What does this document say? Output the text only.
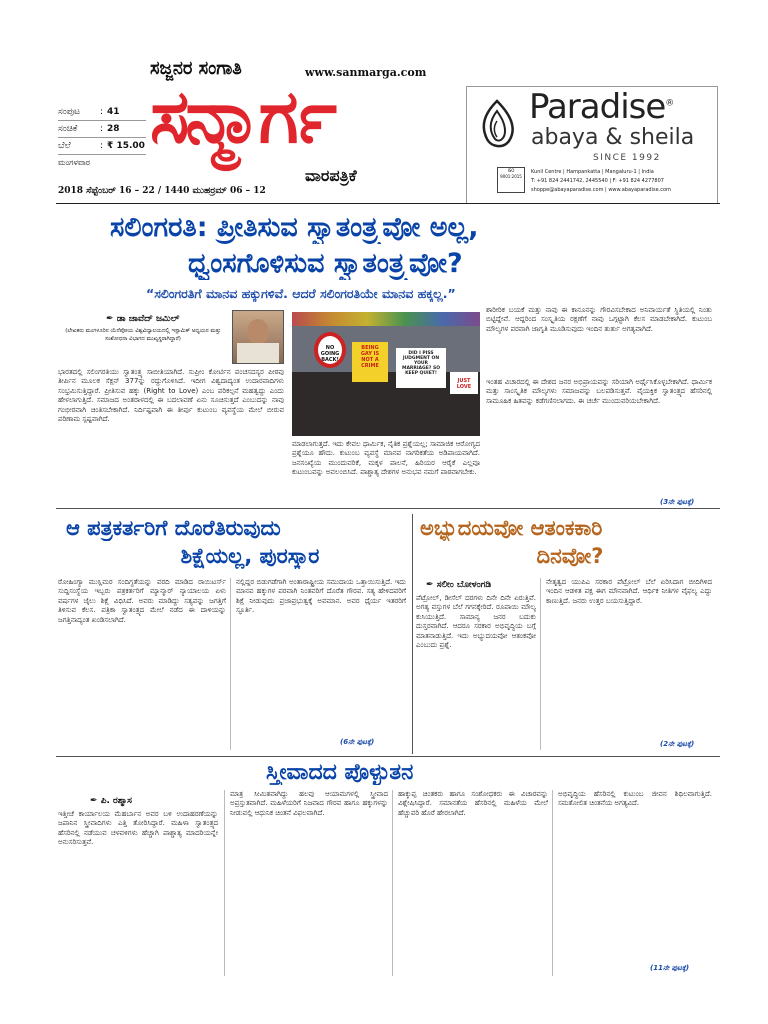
ಸಜ್ಜನರ ಸಂಗಾತಿ	www.sanmarga.com
ಸಂಪುಟ	: 41
ಸಂಚಿಕೆ	: 28
ಬೆಲೆ	: ₹ 15.00
ಮಂಗಳವಾರ
ಸನ್ಮಾರ್ಗ
ವಾರಪತ್ರಿಕೆ
2018 ಸೆಪ್ಟೆಂಬರ್ 16 – 22 / 1440 ಮುಹರ್ರಮ್ 06 – 12
Paradise®
abaya & sheila
SINCE 1992
ISO 9001:2015
Kunil Centre | Hampankatta | Mangaluru-1 | India
T: +91 824 2441742, 2445540 | F: +91 824 4277807
shoppe@abayaparadise.com | www.abayaparadise.com
ಸಲಿಂಗರತಿ: ಪ್ರೀತಿಸುವ ಸ್ವಾತಂತ್ರ್ಯವೋ ಅಲ್ಲ,
ಧ್ವಂಸಗೊಳಿಸುವ ಸ್ವಾತಂತ್ರ್ಯವೋ?
“ಸಲಿಂಗರತಿಗೆ ಮಾನವ ಹಕ್ಕುಗಳಿವೆ. ಆದರೆ ಸಲಿಂಗರತಿಯೇ ಮಾನವ ಹಕ್ಕಲ್ಲ.”
✒ ಡಾ ಜಾವೆದ್ ಜಮಿಲ್
(ಲೇಖಕರು ಮಂಗಳೂರಿನ ಯೆನೆಪೋಯ ವಿಶ್ವವಿದ್ಯಾಲಯದಲ್ಲಿ ಇಸ್ಲಾಮಿಕ್ ಅಧ್ಯಯನ ಮತ್ತು ಸಂಶೋಧನಾ ವಿಭಾಗದ ಮುಖ್ಯಸ್ಥರಾಗಿದ್ದಾರೆ)
ಭಾರತದಲ್ಲಿ ಸಲಿಂಗರತಿಯು ಸ್ವಾತಂತ್ರ್ಯ ಸಾಬೀತಿಯಾಗಿದೆ. ಸುಪ್ರೀಂ ಕೋರ್ಟಿನ ಪಂಚಸದಸ್ಯರ ಪೀಠವು ತೀರ್ಪಿನ ಮೂಲಕ ಸೆಕ್ಷನ್ 377ನ್ನು ರದ್ದುಗೊಳಿಸಿದೆ. ಇದೀಗ ವಿಶ್ವದಾದ್ಯಂತ ಉದಾರವಾದಿಗಳು ಸಂಭ್ರಮಿಸುತ್ತಿದ್ದಾರೆ. ಪ್ರೀತಿಸುವ ಹಕ್ಕು (Right to Love) ಎಂಬ ಪರಿಕಲ್ಪನೆ ಮಹತ್ವದ್ದು ಎಂದು ಹೇಳಲಾಗುತ್ತಿದೆ. ಸಮಾಜದ ಅಂತರಾಳದಲ್ಲಿ ಈ ಬದಲಾವಣೆ ಏನು ಸೂಚಿಸುತ್ತದೆ ಎಂಬುದನ್ನು ನಾವು ಗಂಭೀರವಾಗಿ ಚಿಂತಿಸಬೇಕಾಗಿದೆ. ನಿರ್ದಿಷ್ಟವಾಗಿ ಈ ತೀರ್ಪು ಕುಟುಂಬ ವ್ಯವಸ್ಥೆಯ ಮೇಲೆ ಬೀರುವ ಪರಿಣಾಮ ಸ್ಪಷ್ಟವಾಗಿದೆ.
NO GOING BACK!
BEING GAY IS NOT A CRIME
DID I PISS JUDGMENT ON YOUR MARRIAGE? SO KEEP QUIET!
JUST LOVE
ಮಾಡಲಾಗುತ್ತದೆ. ಇದು ಕೇವಲ ಧಾರ್ಮಿಕ, ನೈತಿಕ ಪ್ರಶ್ನೆಯಲ್ಲ; ಸಾಮಾಜಿಕ ಆರೋಗ್ಯದ ಪ್ರಶ್ನೆಯೂ ಹೌದು. ಕುಟುಂಬ ವ್ಯವಸ್ಥೆ ಮಾನವ ನಾಗರಿಕತೆಯ ಅಡಿಪಾಯವಾಗಿದೆ. ಜನಸಂಖ್ಯೆಯ ಮುಂದುವರಿಕೆ, ಮಕ್ಕಳ ಪಾಲನೆ, ಹಿರಿಯರ ಆರೈಕೆ ಎಲ್ಲವೂ ಕುಟುಂಬವನ್ನು ಅವಲಂಬಿಸಿದೆ. ಪಾಶ್ಚಾತ್ಯ ದೇಶಗಳ ಅನುಭವ ನಮಗೆ ಪಾಠವಾಗಬೇಕು.
ಶಾರೀರಿಕ ಬಯಕೆ ಮತ್ತು ನಾವು ಈ ಕಾನೂನನ್ನು ಗೌರವಿಸಬೇಕಾದ ಅನಿವಾರ್ಯತೆ ಸ್ಥಿತಿಯಲ್ಲಿ ನಿಂತು ಬಿಟ್ಟಿದ್ದೇವೆ. ಆದ್ದರಿಂದ ಸಂಸ್ಕೃತಿಯ ರಕ್ಷಣೆಗೆ ನಾವು ಒಗ್ಗಟ್ಟಾಗಿ ಕೆಲಸ ಮಾಡಬೇಕಾಗಿದೆ. ಕುಟುಂಬ ಮೌಲ್ಯಗಳ ಪರವಾಗಿ ಜಾಗೃತಿ ಮೂಡಿಸುವುದು ಇಂದಿನ ತುರ್ತು ಅಗತ್ಯವಾಗಿದೆ.
ಇಂತಹ ವಿಚಾರದಲ್ಲಿ ಈ ದೇಶದ ಜನರ ಅಭಿಪ್ರಾಯವನ್ನು ಸರಿಯಾಗಿ ಅರ್ಥೈಸಿಕೊಳ್ಳಬೇಕಾಗಿದೆ. ಧಾರ್ಮಿಕ ಮತ್ತು ಸಾಂಸ್ಕೃತಿಕ ಮೌಲ್ಯಗಳು ಸಮಾಜವನ್ನು ಬಲಪಡಿಸುತ್ತವೆ. ವೈಯಕ್ತಿಕ ಸ್ವಾತಂತ್ರ್ಯದ ಹೆಸರಿನಲ್ಲಿ ಸಾಮೂಹಿಕ ಹಿತವನ್ನು ಕಡೆಗಣಿಸಲಾಗದು. ಈ ಚರ್ಚೆ ಮುಂದುವರಿಯಬೇಕಾಗಿದೆ.
(3ನೇ ಪುಟಕ್ಕೆ)
ಆ ಪತ್ರಕರ್ತರಿಗೆ ದೊರೆತಿರುವುದು
ಶಿಕ್ಷೆಯಲ್ಲ, ಪುರಸ್ಕಾರ
ರೋಹಿಂಗ್ಯಾ ಮುಸ್ಲಿಮರ ಸಂದಿಗ್ಧತೆಯನ್ನು ವರದಿ ಮಾಡಿದ ರಾಯಿಟರ್ಸ್ ಸುದ್ದಿಸಂಸ್ಥೆಯ ಇಬ್ಬರು ಪತ್ರಕರ್ತರಿಗೆ ಮ್ಯಾನ್ಮಾರ್ ನ್ಯಾಯಾಲಯ ಏಳು ವರ್ಷಗಳ ಜೈಲು ಶಿಕ್ಷೆ ವಿಧಿಸಿದೆ. ಅವರು ಮಾಡಿದ್ದು ಸತ್ಯವನ್ನು ಜಗತ್ತಿಗೆ ತಿಳಿಸುವ ಕೆಲಸ. ಪತ್ರಿಕಾ ಸ್ವಾತಂತ್ರ್ಯದ ಮೇಲೆ ನಡೆದ ಈ ದಾಳಿಯನ್ನು ಜಗತ್ತಿನಾದ್ಯಂತ ಖಂಡಿಸಲಾಗಿದೆ.
ನಲ್ಲಿದ್ದರ ಬಿಡುಗಡೆಗಾಗಿ ಅಂತಾರಾಷ್ಟ್ರೀಯ ಸಮುದಾಯ ಒತ್ತಾಯಿಸುತ್ತಿದೆ. ಇದು ಮಾನವ ಹಕ್ಕುಗಳ ಪರವಾಗಿ ನಿಂತವರಿಗೆ ದೊರೆತ ಗೌರವ. ಸತ್ಯ ಹೇಳಿದವರಿಗೆ ಶಿಕ್ಷೆ ನೀಡುವುದು ಪ್ರಜಾಪ್ರಭುತ್ವಕ್ಕೆ ಅವಮಾನ. ಅವರ ಧೈರ್ಯ ಇತರರಿಗೆ ಸ್ಫೂರ್ತಿ.
(6ನೇ ಪುಟಕ್ಕೆ)
ಅಭ್ಯುದಯವೋ ಆತಂಕಕಾರಿ
ದಿನವೋ?
✒ ಸಲೀಂ ಬೋಳಂಗಡಿ
ಪೆಟ್ರೋಲ್, ಡೀಸೆಲ್ ದರಗಳು ದಿನೇ ದಿನೇ ಏರುತ್ತಿವೆ. ಅಗತ್ಯ ವಸ್ತುಗಳ ಬೆಲೆ ಗಗನಕ್ಕೇರಿದೆ. ರೂಪಾಯಿ ಮೌಲ್ಯ ಕುಸಿಯುತ್ತಿದೆ. ಸಾಮಾನ್ಯ ಜನರ ಬದುಕು ದುಸ್ತರವಾಗಿದೆ. ಆದರೂ ಸರಕಾರ ಅಭಿವೃದ್ಧಿಯ ಬಗ್ಗೆ ಮಾತನಾಡುತ್ತಿದೆ. ಇದು ಅಭ್ಯುದಯವೋ ಆತಂಕವೋ ಎಂಬುದು ಪ್ರಶ್ನೆ.
ನೇತೃತ್ವದ ಯುಪಿಎ ಸರಕಾರ ಪೆಟ್ರೋಲ್ ಬೆಲೆ ಏರಿಸಿದಾಗ ಬೀದಿಗಿಳಿದ ಇಂದಿನ ಆಡಳಿತ ಪಕ್ಷ ಈಗ ಮೌನವಾಗಿದೆ. ಆರ್ಥಿಕ ನೀತಿಗಳ ವೈಫಲ್ಯ ಎದ್ದು ಕಾಣುತ್ತಿದೆ. ಜನರು ಉತ್ತರ ಬಯಸುತ್ತಿದ್ದಾರೆ.
(2ನೇ ಪುಟಕ್ಕೆ)
ಸ್ತ್ರೀವಾದದ ಪೊಳ್ಳುತನ
✒ ಪಿ. ರಶ್ಮಾಸ
ಇತ್ತೀಚೆ ಕಾರ್ಯಾಲಯ ಮೆಹರ್ಬಾನ ಅವರ ಬಳಿ ಉದಾಹರಣೆಯನ್ನು ಜಪಾನಿನ ಸ್ತ್ರೀವಾದಿಗಳು ಎತ್ತಿ ತೋರಿಸಿದ್ದಾರೆ. ಮಹಿಳಾ ಸ್ವಾತಂತ್ರ್ಯದ ಹೆಸರಿನಲ್ಲಿ ನಡೆಯುವ ಚಳವಳಿಗಳು ಹೆಚ್ಚಾಗಿ ಪಾಶ್ಚಾತ್ಯ ಮಾದರಿಯನ್ನೇ ಅನುಸರಿಸುತ್ತವೆ.
ಮಾತ್ರ ಸೀಮಿತವಾಗಿದ್ದು ಹಲವು ಆಯಾಮಗಳಲ್ಲಿ ಸ್ತ್ರೀವಾದ ಅಪ್ರಸ್ತುತವಾಗಿದೆ. ಮಹಿಳೆಯರಿಗೆ ನಿಜವಾದ ಗೌರವ ಹಾಗೂ ಹಕ್ಕುಗಳನ್ನು ನೀಡುವಲ್ಲಿ ಆಧುನಿಕ ಚಿಂತನೆ ವಿಫಲವಾಗಿದೆ.
ಹಾಕ್ಕುಪ್ಪ ಚಿಂತಕರು ಹಾಗೂ ಸಂಶೋಧಕರು ಈ ವಿಚಾರವನ್ನು ವಿಶ್ಲೇಷಿಸಿದ್ದಾರೆ. ಸಮಾನತೆಯ ಹೆಸರಿನಲ್ಲಿ ಮಹಿಳೆಯ ಮೇಲೆ ಹೆಚ್ಚುವರಿ ಹೊರೆ ಹೇರಲಾಗಿದೆ.
ಅಭಿವೃದ್ಧಿಯ ಹೆಸರಿನಲ್ಲಿ ಕುಟುಂಬ ಜೀವನ ಶಿಥಿಲವಾಗುತ್ತಿದೆ. ಸಮತೋಲಿತ ಚಿಂತನೆಯ ಅಗತ್ಯವಿದೆ.
(11ನೇ ಪುಟಕ್ಕೆ)
